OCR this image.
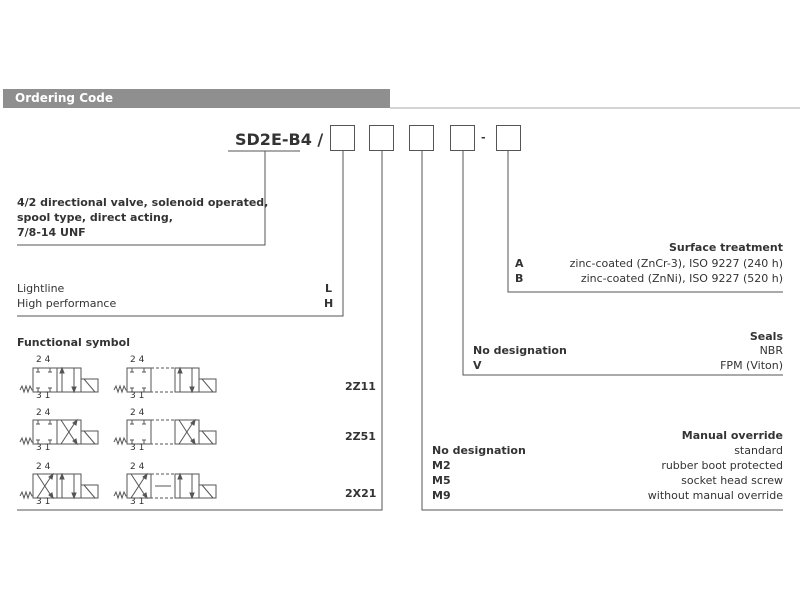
Ordering Code
SD2E-B4 /	-
4/2 directional valve, solenoid operated,
spool type, direct acting,
7/8-14 UNF
Lightline	L
High performance	H
Functional symbol
2Z11
2Z51
2X21
2 4	2 4
3 1	3 1
2 4	2 4
3 1	3 1
2 4	2 4
3 1	3 1
Surface treatment
A	zinc-coated (ZnCr-3), ISO 9227 (240 h)
B	zinc-coated (ZnNi), ISO 9227 (520 h)
Seals
No designation	NBR
V	FPM (Viton)
Manual override
No designation	standard
M2	rubber boot protected
M5	socket head screw
M9	without manual override
